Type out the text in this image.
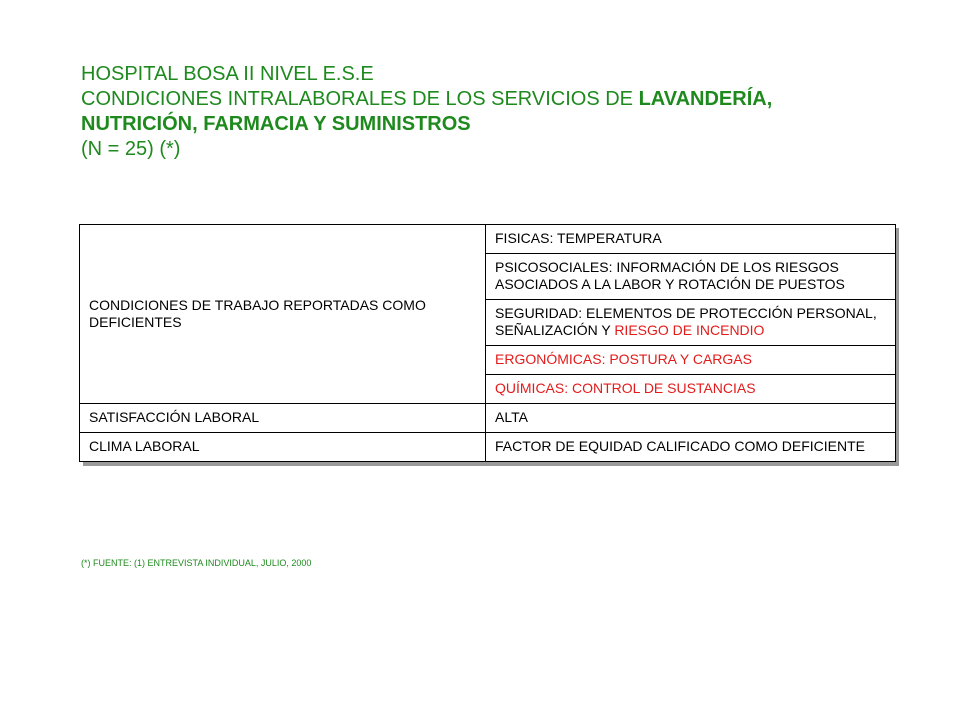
HOSPITAL BOSA II NIVEL E.S.E
CONDICIONES INTRALABORALES DE LOS SERVICIOS DE LAVANDERÍA,
NUTRICIÓN, FARMACIA Y SUMINISTROS
(N = 25) (*)
CONDICIONES DE TRABAJO REPORTADAS COMO DEFICIENTES	FISICAS: TEMPERATURA
	PSICOSOCIALES: INFORMACIÓN DE LOS RIESGOS ASOCIADOS A LA LABOR Y ROTACIÓN DE PUESTOS
	SEGURIDAD: ELEMENTOS DE PROTECCIÓN PERSONAL, SEÑALIZACIÓN Y RIESGO DE INCENDIO
	ERGONÓMICAS: POSTURA Y CARGAS
	QUÍMICAS: CONTROL DE SUSTANCIAS
SATISFACCIÓN LABORAL	ALTA
CLIMA LABORAL	FACTOR DE EQUIDAD CALIFICADO COMO DEFICIENTE
(*) FUENTE: (1) ENTREVISTA INDIVIDUAL, JULIO, 2000
